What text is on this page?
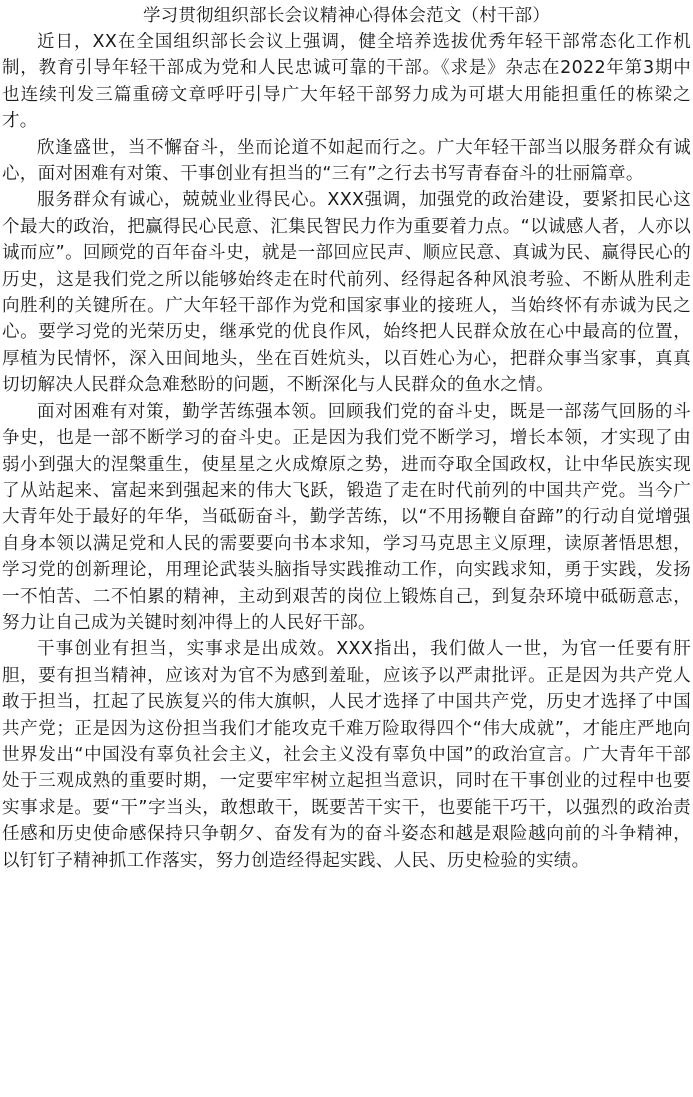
学习贯彻组织部长会议精神心得体会范文（村干部）

近日，XX在全国组织部长会议上强调，健全培养选拔优秀年轻干部常态化工作机制，教育引导年轻干部成为党和人民忠诚可靠的干部。《求是》杂志在2022年第3期中也连续刊发三篇重磅文章呼吁引导广大年轻干部努力成为可堪大用能担重任的栋梁之才。

欣逢盛世，当不懈奋斗，坐而论道不如起而行之。广大年轻干部当以服务群众有诚心，面对困难有对策、干事创业有担当的“三有”之行去书写青春奋斗的壮丽篇章。

服务群众有诚心，兢兢业业得民心。XXX强调，加强党的政治建设，要紧扣民心这个最大的政治，把赢得民心民意、汇集民智民力作为重要着力点。“以诚感人者，人亦以诚而应”。回顾党的百年奋斗史，就是一部回应民声、顺应民意、真诚为民、赢得民心的历史，这是我们党之所以能够始终走在时代前列、经得起各种风浪考验、不断从胜利走向胜利的关键所在。广大年轻干部作为党和国家事业的接班人，当始终怀有赤诚为民之心。要学习党的光荣历史，继承党的优良作风，始终把人民群众放在心中最高的位置，厚植为民情怀，深入田间地头，坐在百姓炕头，以百姓心为心，把群众事当家事，真真切切解决人民群众急难愁盼的问题，不断深化与人民群众的鱼水之情。

面对困难有对策，勤学苦练强本领。回顾我们党的奋斗史，既是一部荡气回肠的斗争史，也是一部不断学习的奋斗史。正是因为我们党不断学习，增长本领，才实现了由弱小到强大的涅槃重生，使星星之火成燎原之势，进而夺取全国政权，让中华民族实现了从站起来、富起来到强起来的伟大飞跃，锻造了走在时代前列的中国共产党。当今广大青年处于最好的年华，当砥砺奋斗，勤学苦练，以“不用扬鞭自奋蹄”的行动自觉增强自身本领以满足党和人民的需要要向书本求知，学习马克思主义原理，读原著悟思想，学习党的创新理论，用理论武装头脑指导实践推动工作，向实践求知，勇于实践，发扬一不怕苦、二不怕累的精神，主动到艰苦的岗位上锻炼自己，到复杂环境中砥砺意志，努力让自己成为关键时刻冲得上的人民好干部。

干事创业有担当，实事求是出成效。XXX指出，我们做人一世，为官一任要有肝胆，要有担当精神，应该对为官不为感到羞耻，应该予以严肃批评。正是因为共产党人敢于担当，扛起了民族复兴的伟大旗帜，人民才选择了中国共产党，历史才选择了中国共产党；正是因为这份担当我们才能攻克千难万险取得四个“伟大成就”，才能庄严地向世界发出“中国没有辜负社会主义，社会主义没有辜负中国”的政治宣言。广大青年干部处于三观成熟的重要时期，一定要牢牢树立起担当意识，同时在干事创业的过程中也要实事求是。要“干”字当头，敢想敢干，既要苦干实干，也要能干巧干，以强烈的政治责任感和历史使命感保持只争朝夕、奋发有为的奋斗姿态和越是艰险越向前的斗争精神，以钉钉子精神抓工作落实，努力创造经得起实践、人民、历史检验的实绩。
